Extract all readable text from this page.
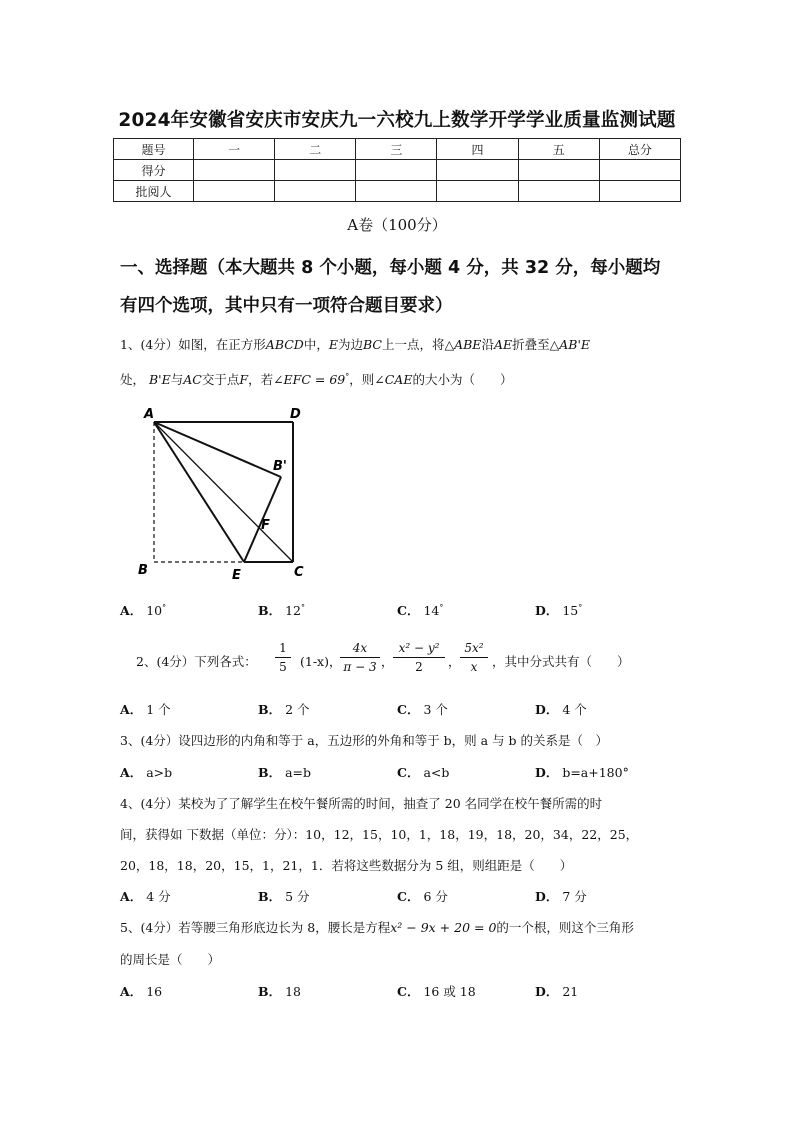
2024年安徽省安庆市安庆九一六校九上数学开学学业质量监测试题
题号	一	二	三	四	五	总分
得分						
批阅人						
A卷（100分）
一、选择题（本大题共 8 个小题，每小题 4 分，共 32 分，每小题均
有四个选项，其中只有一项符合题目要求）
1、(4分）如图，在正方形ABCD中，E为边BC上一点，将△ABE沿AE折叠至△AB'E
处， B'E与AC交于点F，若∠EFC = 69°，则∠CAE的大小为（　　）
A	D
B'
F
B	E	C
A． 10°	B． 12°	C． 14°	D． 15°
2、(4分）下列各式： $\frac{1}{5} (1-x)$，
$\frac{4x}{\pi - 3}$ ， $\frac{\text{x² − y²}}{2}$ ， $\frac{\text{5x²}}{x}$ ，其中分式共有（　　）
A． 1 个	B． 2 个	C． 3 个	D． 4 个
3、(4分）设四边形的内角和等于 a，五边形的外角和等于 b，则 a 与 b 的关系是（　）
A． a>b	B． a=b	C． a<b	D． b=a+180°
4、(4分）某校为了了解学生在校午餐所需的时间，抽查了 20 名同学在校午餐所需的时
间，获得如 下数据（单位：分）：10，12，15，10，1，18，19，18，20，34，22，25，
20，18，18，20，15，1，21，1．若将这些数据分为 5 组，则组距是（　　）
A． 4 分	B． 5 分	C． 6 分	D． 7 分
5、(4分）若等腰三角形底边长为 8，腰长是方程x² − 9x + 20 = 0的一个根，则这个三角形
的周长是（　　）
A． 16	B． 18	C． 16 或 18	D． 21
